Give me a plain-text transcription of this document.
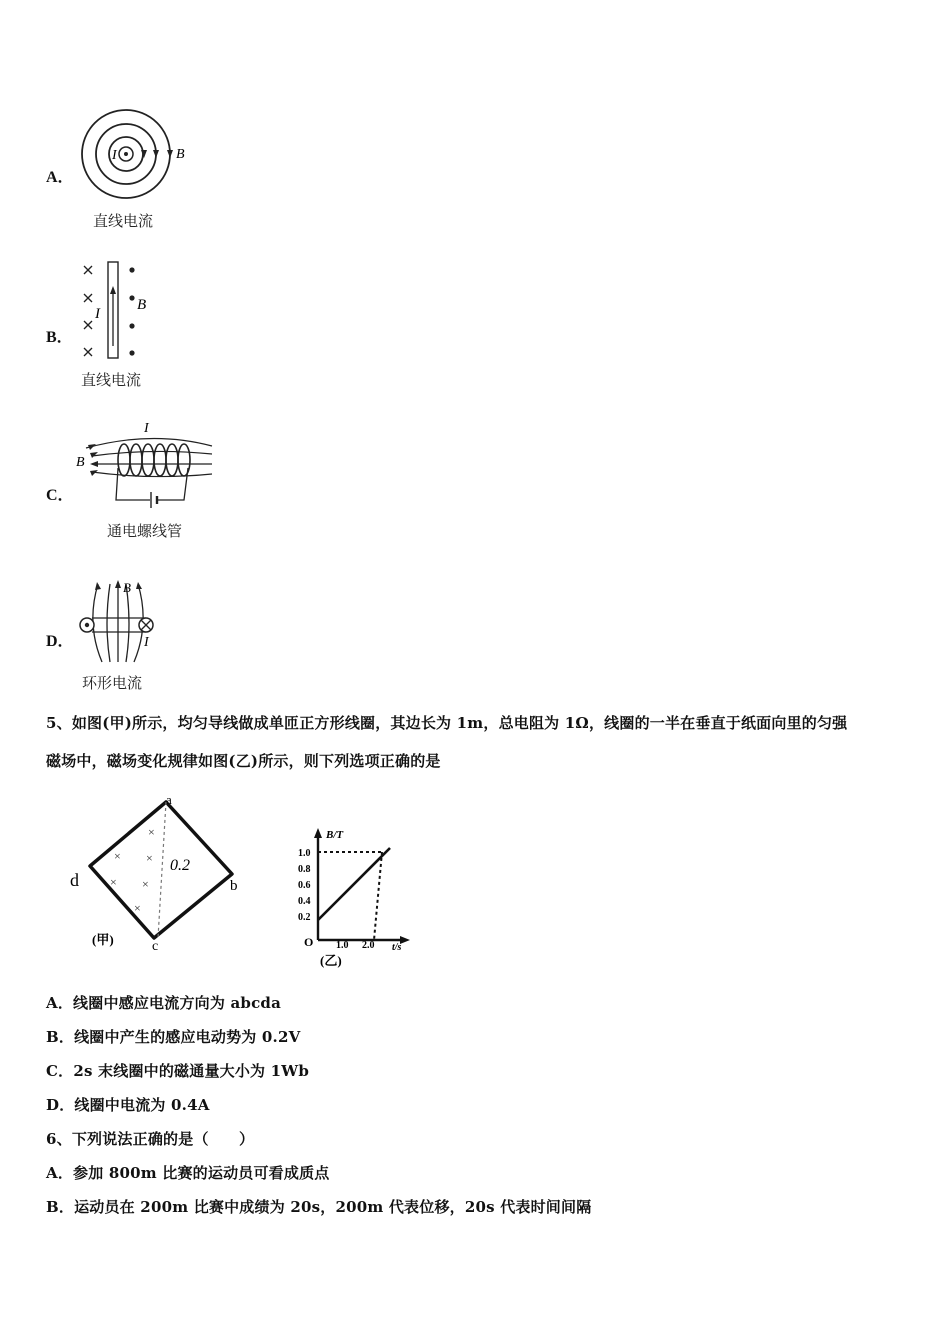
A．
I	B
直线电流
B．
I
B
直线电流
C．
I
B
通电螺线管
D．
B
I
环形电流
5、如图(甲)所示，均匀导线做成单匝正方形线圈，其边长为 1m，总电阻为 1Ω，线圈的一半在垂直于纸面向里的匀强
磁场中，磁场变化规律如图(乙)所示，则下列选项正确的是
×
× ×
× ×
×
0.2
a
b
c
d
(甲)
B/T
t/s
O
1.0
0.8
0.6
0.4
0.2
1.0 2.0
(乙)
A．线圈中感应电流方向为 abcda
B．线圈中产生的感应电动势为 0.2V
C．2s 末线圈中的磁通量大小为 1Wb
D．线圈中电流为 0.4A
6、下列说法正确的是（　　）
A．参加 800m 比赛的运动员可看成质点
B．运动员在 200m 比赛中成绩为 20s，200m 代表位移，20s 代表时间间隔
